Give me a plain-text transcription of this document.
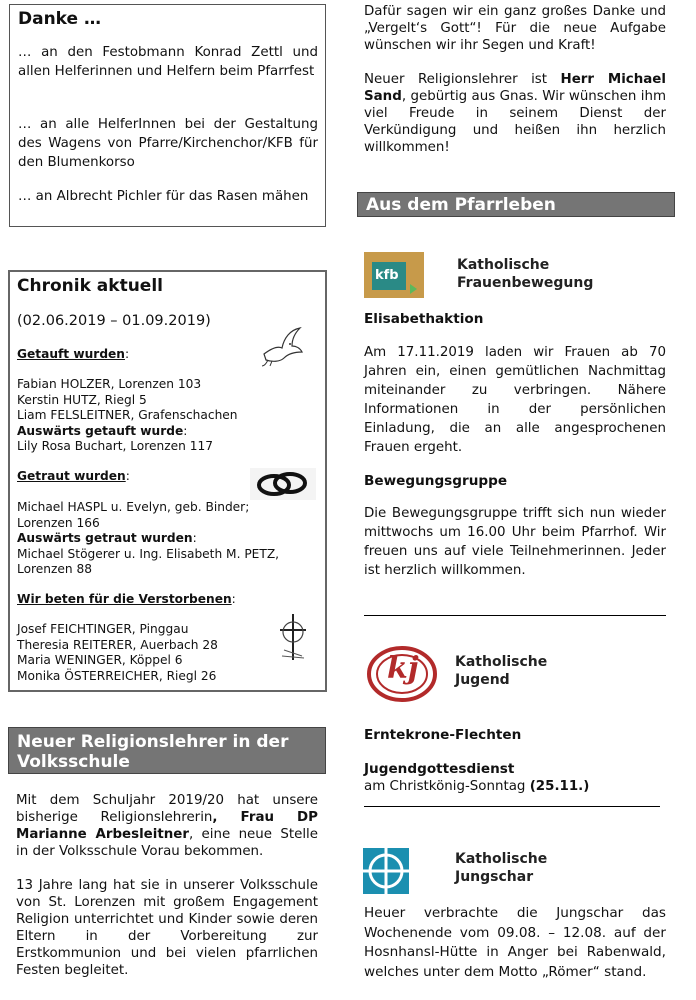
Danke …
… an den Festobmann Konrad Zettl und allen Helferinnen und Helfern beim Pfarrfest
… an alle HelferInnen bei der Gestaltung des Wagens von Pfarre/Kirchenchor/KFB für den Blumenkorso
… an Albrecht Pichler für das Rasen mähen
Chronik aktuell
(02.06.2019 – 01.09.2019)
Getauft wurden:
Fabian HOLZER, Lorenzen 103
Kerstin HUTZ, Riegl 5
Liam FELSLEITNER, Grafenschachen
Auswärts getauft wurde:
Lily Rosa Buchart, Lorenzen 117
Getraut wurden:
Michael HASPL u. Evelyn, geb. Binder;
Lorenzen 166
Auswärts getraut wurden:
Michael Stögerer u. Ing. Elisabeth M. PETZ,
Lorenzen 88
Wir beten für die Verstorbenen:
Josef FEICHTINGER, Pinggau
Theresia REITERER, Auerbach 28
Maria WENINGER, Köppel 6
Monika ÖSTERREICHER, Riegl 26
Neuer Religionslehrer in der
Volksschule
Mit dem Schuljahr 2019/20 hat unsere bisherige Religionslehrerin, Frau DP Marianne Arbesleitner, eine neue Stelle in der Volksschule Vorau bekommen.
13 Jahre lang hat sie in unserer Volksschule von St. Lorenzen mit großem Engagement Religion unterrichtet und Kinder sowie deren Eltern in der Vorbereitung zur Erstkommunion und bei vielen pfarrlichen Festen begleitet.
Dafür sagen wir ein ganz großes Danke und „Vergelt‘s Gott“! Für die neue Aufgabe wünschen wir ihr Segen und Kraft!
Neuer Religionslehrer ist Herr Michael Sand, gebürtig aus Gnas. Wir wünschen ihm viel Freude in seinem Dienst der Verkündigung und heißen ihn herzlich willkommen!
Aus dem Pfarrleben
kfb
Katholische
Frauenbewegung
Elisabethaktion
Am 17.11.2019 laden wir Frauen ab 70 Jahren ein, einen gemütlichen Nachmittag miteinander zu verbringen. Nähere Informationen in der persönlichen Einladung, die an alle angesprochenen Frauen ergeht.
Bewegungsgruppe
Die Bewegungsgruppe trifft sich nun wieder mittwochs um 16.00 Uhr beim Pfarrhof. Wir freuen uns auf viele Teilnehmerinnen. Jeder ist herzlich willkommen.
kj	Katholische
Jugend
Erntekrone-Flechten
Jugendgottesdienst
am Christkönig-Sonntag (25.11.)
Katholische
Jungschar
Heuer verbrachte die Jungschar das Wochenende vom 09.08. – 12.08. auf der Hosnhansl-Hütte in Anger bei Rabenwald, welches unter dem Motto „Römer“ stand.
